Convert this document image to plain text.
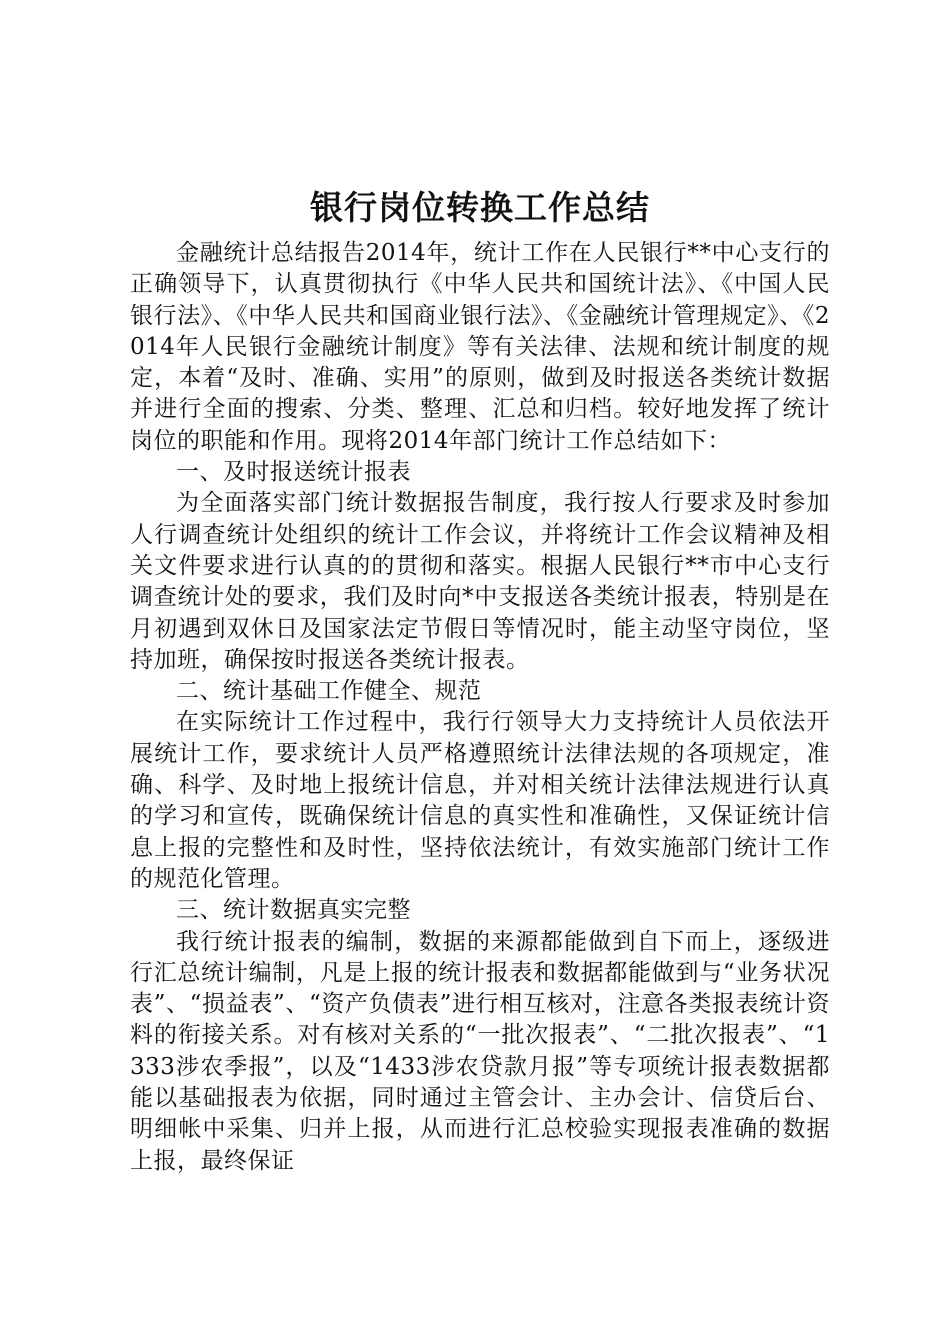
银行岗位转换工作总结

金融统计总结报告2014年，统计工作在人民银行**中心支行的正确领导下，认真贯彻执行《中华人民共和国统计法》、《中国人民银行法》、《中华人民共和国商业银行法》、《金融统计管理规定》、《2014年人民银行金融统计制度》等有关法律、法规和统计制度的规定，本着“及时、准确、实用”的原则，做到及时报送各类统计数据并进行全面的搜索、分类、整理、汇总和归档。较好地发挥了统计岗位的职能和作用。现将2014年部门统计工作总结如下：

一、及时报送统计报表

为全面落实部门统计数据报告制度，我行按人行要求及时参加人行调查统计处组织的统计工作会议，并将统计工作会议精神及相关文件要求进行认真的的贯彻和落实。根据人民银行**市中心支行调查统计处的要求，我们及时向*中支报送各类统计报表，特别是在月初遇到双休日及国家法定节假日等情况时，能主动坚守岗位，坚持加班，确保按时报送各类统计报表。

二、统计基础工作健全、规范

在实际统计工作过程中，我行行领导大力支持统计人员依法开展统计工作，要求统计人员严格遵照统计法律法规的各项规定，准确、科学、及时地上报统计信息，并对相关统计法律法规进行认真的学习和宣传，既确保统计信息的真实性和准确性，又保证统计信息上报的完整性和及时性，坚持依法统计，有效实施部门统计工作的规范化管理。

三、统计数据真实完整

我行统计报表的编制，数据的来源都能做到自下而上，逐级进行汇总统计编制，凡是上报的统计报表和数据都能做到与“业务状况表”、“损益表”、“资产负债表”进行相互核对，注意各类报表统计资料的衔接关系。对有核对关系的“一批次报表”、“二批次报表”、“1333涉农季报”，以及“1433涉农贷款月报”等专项统计报表数据都能以基础报表为依据，同时通过主管会计、主办会计、信贷后台、明细帐中采集、归并上报，从而进行汇总校验实现报表准确的数据上报，最终保证
